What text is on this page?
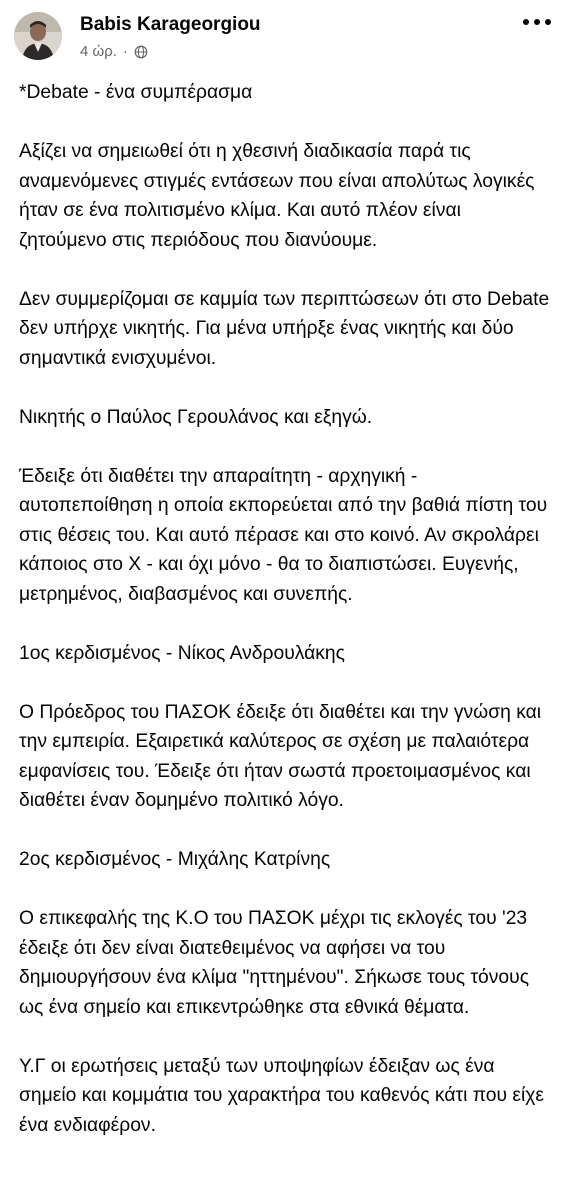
Babis Karageorgiou
4 ώρ. ·

*Debate - ένα συμπέρασμα

Αξίζει να σημειωθεί ότι η χθεσινή διαδικασία παρά τις αναμενόμενες στιγμές εντάσεων που είναι απολύτως λογικές ήταν σε ένα πολιτισμένο κλίμα. Και αυτό πλέον είναι ζητούμενο στις περιόδους που διανύουμε.

Δεν συμμερίζομαι σε καμμία των περιπτώσεων ότι στο Debate δεν υπήρχε νικητής. Για μένα υπήρξε ένας νικητής και δύο σημαντικά ενισχυμένοι.

Νικητής ο Παύλος Γερουλάνος και εξηγώ.

Έδειξε ότι διαθέτει την απαραίτητη - αρχηγική - αυτοπεποίθηση η οποία εκπορεύεται από την βαθιά πίστη του στις θέσεις του. Και αυτό πέρασε και στο κοινό. Αν σκρολάρει κάποιος στο Χ - και όχι μόνο - θα το διαπιστώσει. Ευγενής, μετρημένος, διαβασμένος και συνεπής.

1ος κερδισμένος - Νίκος Ανδρουλάκης

Ο Πρόεδρος του ΠΑΣΟΚ έδειξε ότι διαθέτει και την γνώση και την εμπειρία. Εξαιρετικά καλύτερος σε σχέση με παλαιότερα εμφανίσεις του. Έδειξε ότι ήταν σωστά προετοιμασμένος και διαθέτει έναν δομημένο πολιτικό λόγο.

2ος κερδισμένος - Μιχάλης Κατρίνης

Ο επικεφαλής της Κ.Ο του ΠΑΣΟΚ μέχρι τις εκλογές του '23 έδειξε ότι δεν είναι διατεθειμένος να αφήσει να του δημιουργήσουν ένα κλίμα "ηττημένου". Σήκωσε τους τόνους ως ένα σημείο και επικεντρώθηκε στα εθνικά θέματα.

Υ.Γ οι ερωτήσεις μεταξύ των υποψηφίων έδειξαν ως ένα σημείο και κομμάτια του χαρακτήρα του καθενός κάτι που είχε ένα ενδιαφέρον.
